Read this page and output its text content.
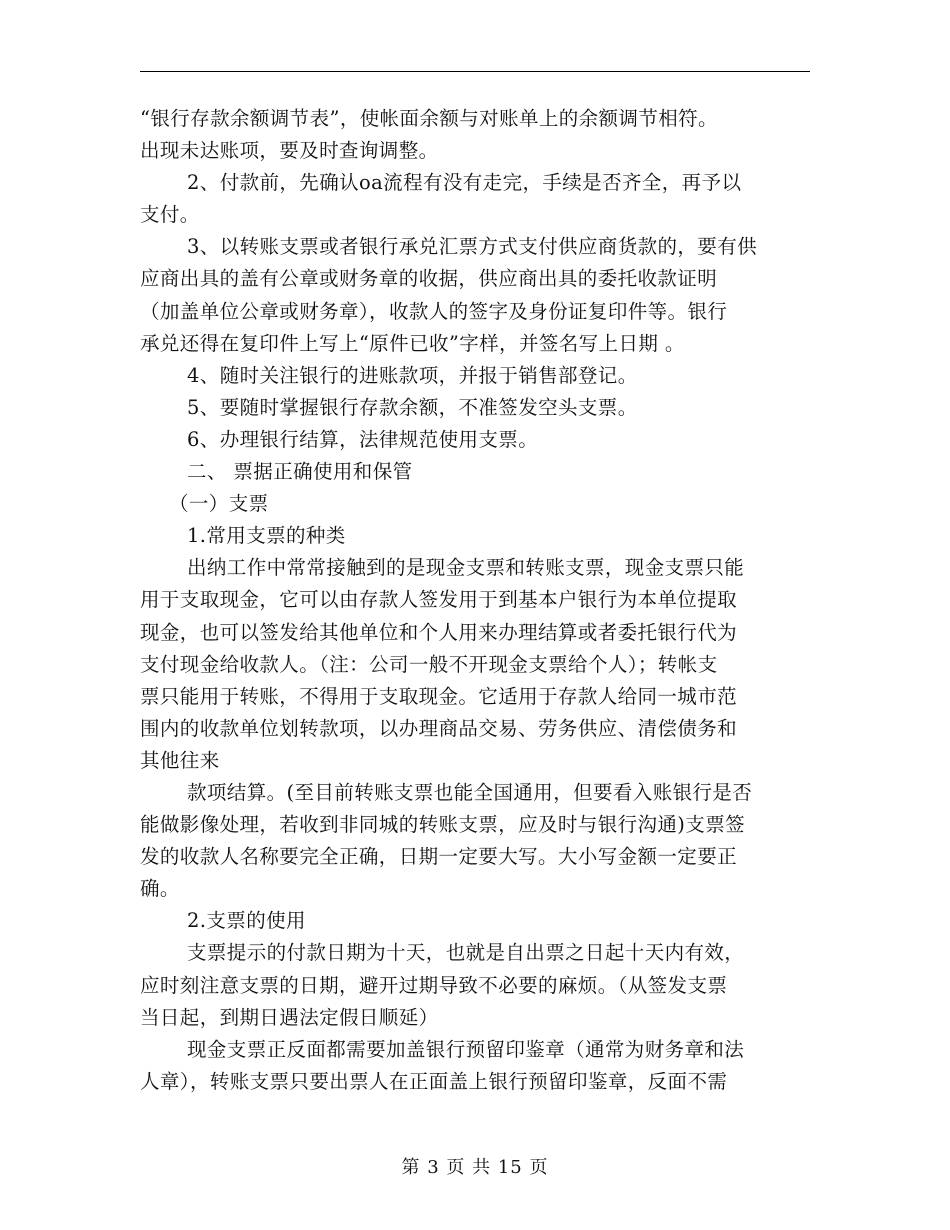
“银行存款余额调节表”，使帐面余额与对账单上的余额调节相符。
出现未达账项，要及时查询调整。
2、付款前，先确认oa流程有没有走完，手续是否齐全，再予以
支付。
3、以转账支票或者银行承兑汇票方式支付供应商货款的，要有供
应商出具的盖有公章或财务章的收据，供应商出具的委托收款证明
（加盖单位公章或财务章），收款人的签字及身份证复印件等。银行
承兑还得在复印件上写上“原件已收”字样，并签名写上日期 。
4、随时关注银行的进账款项，并报于销售部登记。
5、要随时掌握银行存款余额，不准签发空头支票。
6、办理银行结算，法律规范使用支票。
二、 票据正确使用和保管
（一）支票
1.常用支票的种类
出纳工作中常常接触到的是现金支票和转账支票，现金支票只能
用于支取现金，它可以由存款人签发用于到基本户银行为本单位提取
现金，也可以签发给其他单位和个人用来办理结算或者委托银行代为
支付现金给收款人。（注：公司一般不开现金支票给个人）；转帐支
票只能用于转账，不得用于支取现金。它适用于存款人给同一城市范
围内的收款单位划转款项，以办理商品交易、劳务供应、清偿债务和
其他往来
款项结算。(至目前转账支票也能全国通用，但要看入账银行是否
能做影像处理，若收到非同城的转账支票，应及时与银行沟通)支票签
发的收款人名称要完全正确，日期一定要大写。大小写金额一定要正
确。
2.支票的使用
支票提示的付款日期为十天，也就是自出票之日起十天内有效，
应时刻注意支票的日期，避开过期导致不必要的麻烦。（从签发支票
当日起，到期日遇法定假日顺延）
现金支票正反面都需要加盖银行预留印鉴章（通常为财务章和法
人章），转账支票只要出票人在正面盖上银行预留印鉴章，反面不需
第 3 页 共 15 页
